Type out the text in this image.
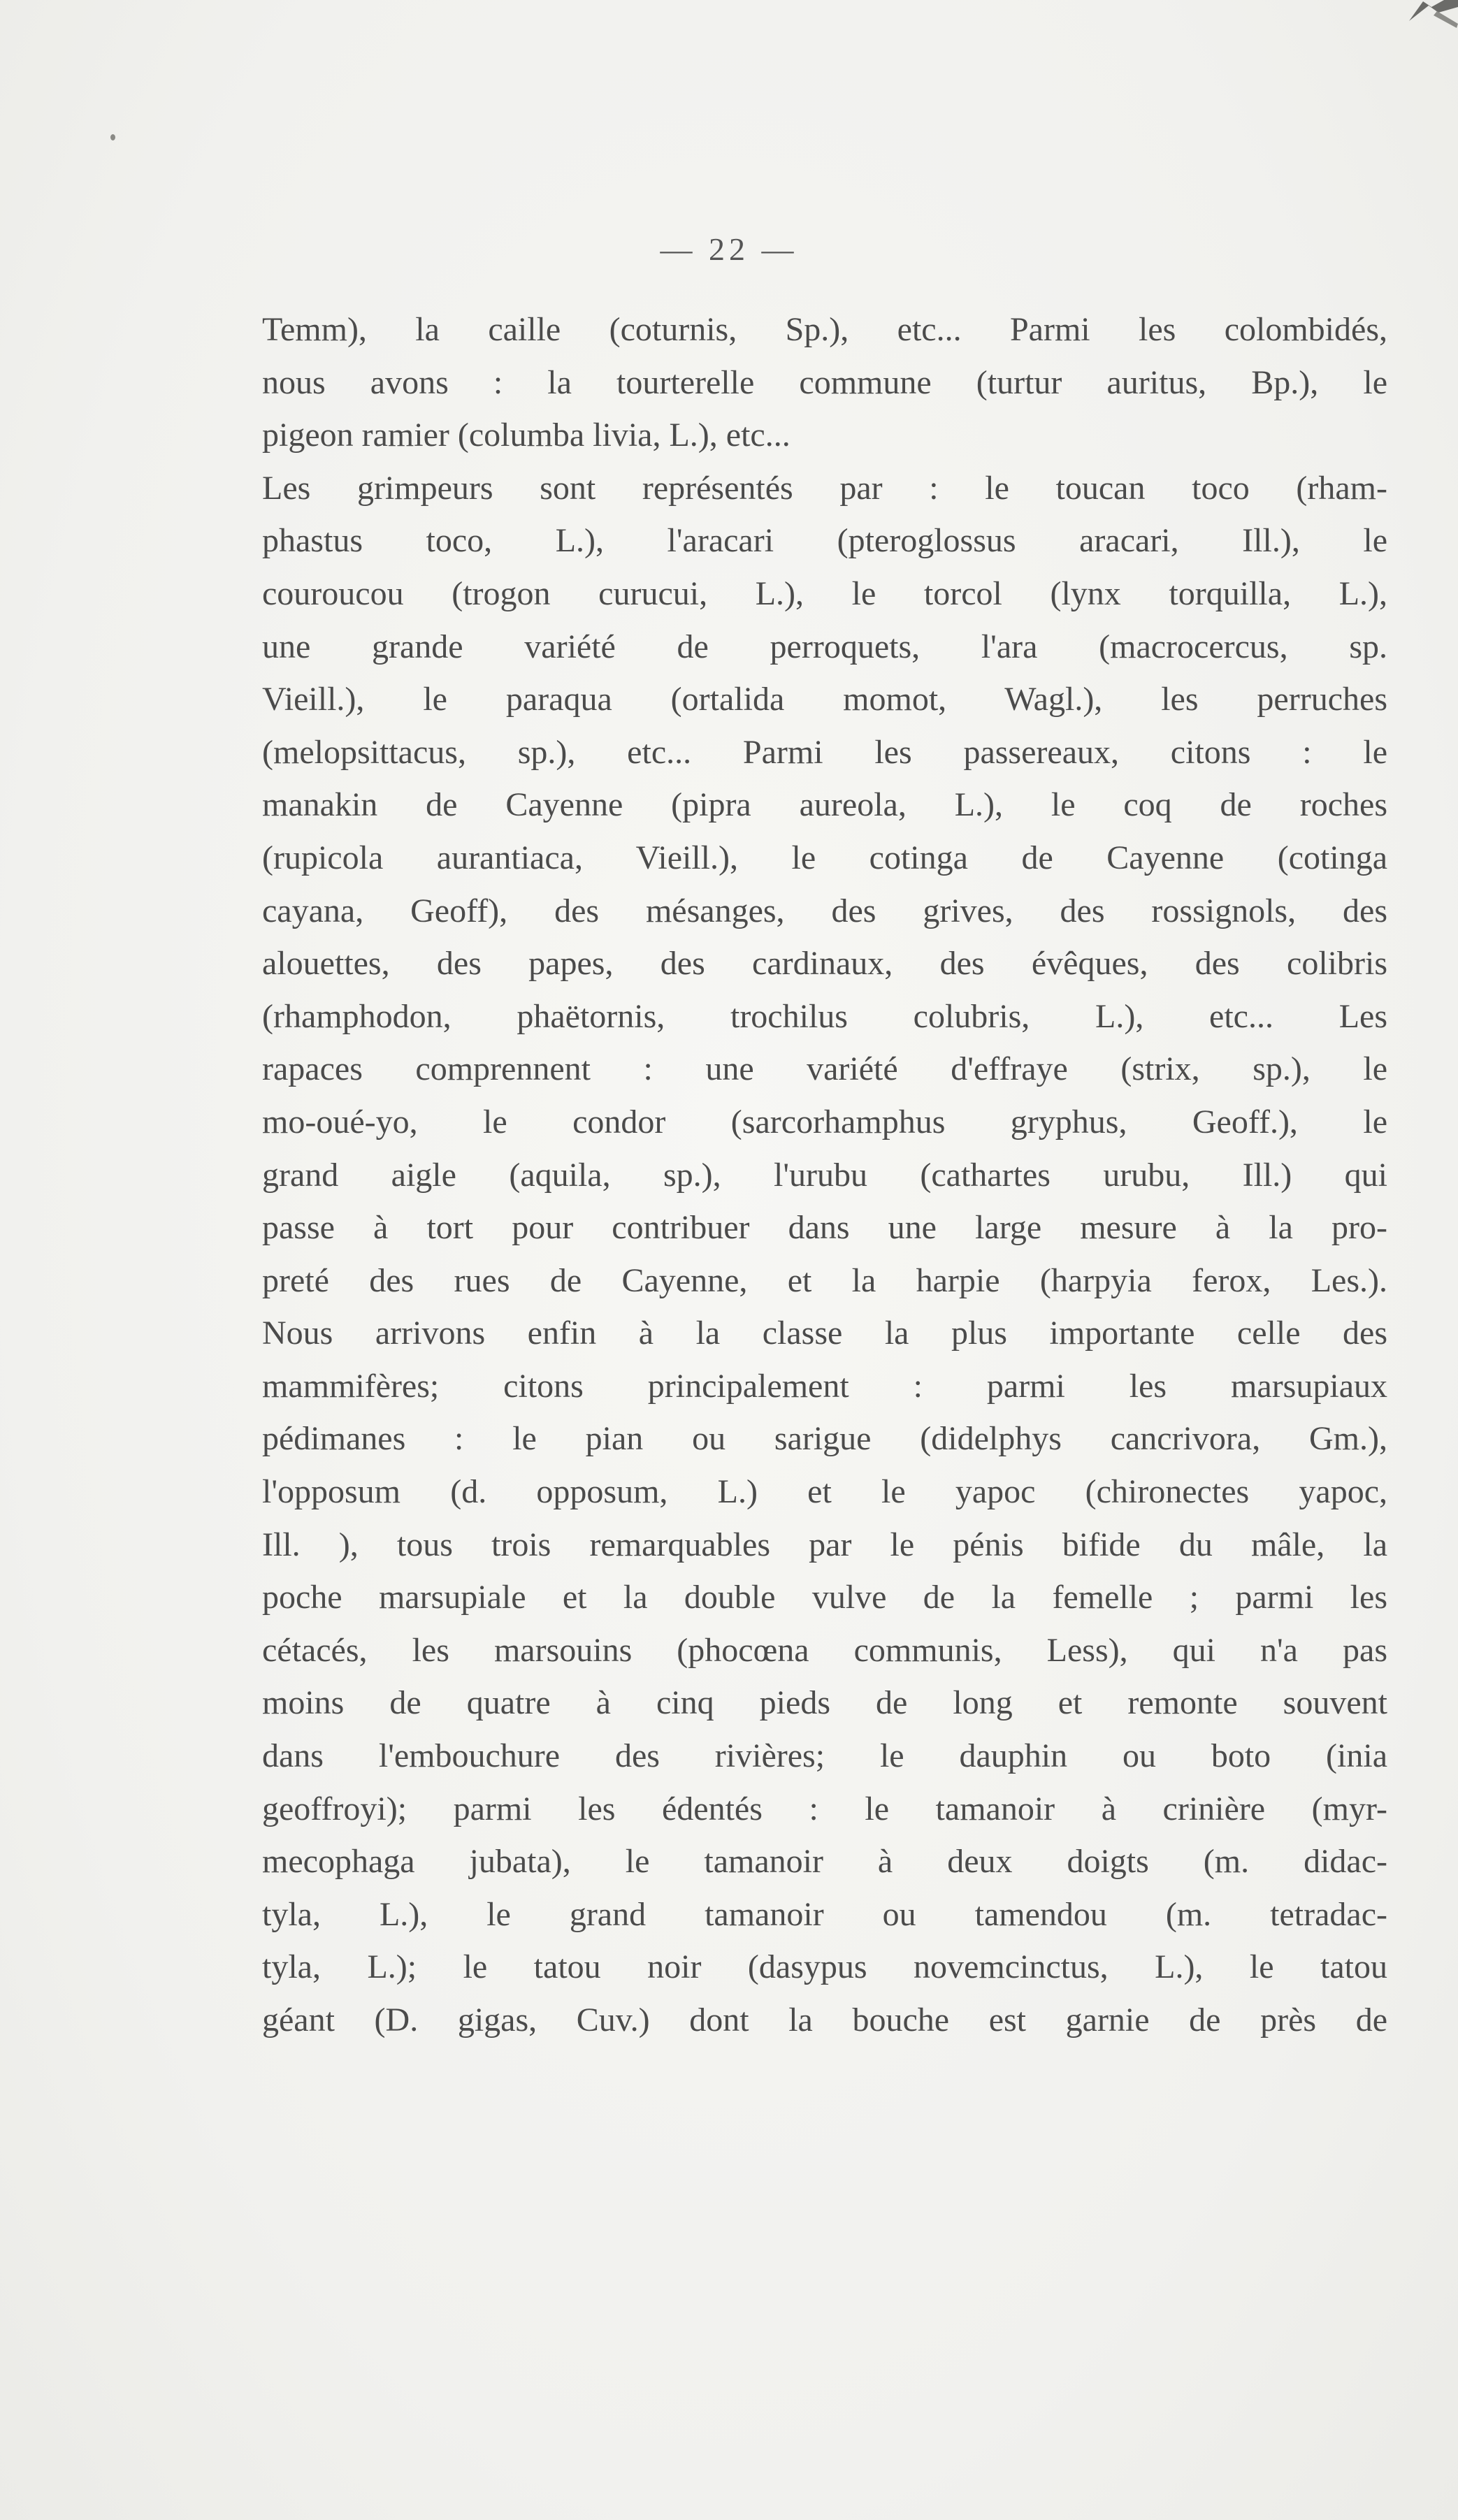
— 22 —
Temm), la caille (coturnis, Sp.), etc... Parmi les colombidés,
nous avons : la tourterelle commune (turtur auritus, Bp.), le
pigeon ramier (columba livia, L.), etc...
Les grimpeurs sont représentés par : le toucan toco (rham-
phastus toco, L.), l'aracari (pteroglossus aracari, Ill.), le
couroucou (trogon curucui, L.), le torcol (lynx torquilla, L.),
une grande variété de perroquets, l'ara (macrocercus, sp.
Vieill.), le paraqua (ortalida momot, Wagl.), les perruches
(melopsittacus, sp.), etc... Parmi les passereaux, citons : le
manakin de Cayenne (pipra aureola, L.), le coq de roches
(rupicola aurantiaca, Vieill.), le cotinga de Cayenne (cotinga
cayana, Geoff), des mésanges, des grives, des rossignols, des
alouettes, des papes, des cardinaux, des évêques, des colibris
(rhamphodon, phaëtornis, trochilus colubris, L.), etc... Les
rapaces comprennent : une variété d'effraye (strix, sp.), le
mo-oué-yo, le condor (sarcorhamphus gryphus, Geoff.), le
grand aigle (aquila, sp.), l'urubu (cathartes urubu, Ill.) qui
passe à tort pour contribuer dans une large mesure à la pro-
preté des rues de Cayenne, et la harpie (harpyia ferox, Les.).
Nous arrivons enfin à la classe la plus importante celle des
mammifères; citons principalement : parmi les marsupiaux
pédimanes : le pian ou sarigue (didelphys cancrivora, Gm.),
l'opposum (d. opposum, L.) et le yapoc (chironectes yapoc,
Ill. ), tous trois remarquables par le pénis bifide du mâle, la
poche marsupiale et la double vulve de la femelle ; parmi les
cétacés, les marsouins (phocœna communis, Less), qui n'a pas
moins de quatre à cinq pieds de long et remonte souvent
dans l'embouchure des rivières; le dauphin ou boto (inia
geoffroyi); parmi les édentés : le tamanoir à crinière (myr-
mecophaga jubata), le tamanoir à deux doigts (m. didac-
tyla, L.), le grand tamanoir ou tamendou (m. tetradac-
tyla, L.); le tatou noir (dasypus novemcinctus, L.), le tatou
géant (D. gigas, Cuv.) dont la bouche est garnie de près de
